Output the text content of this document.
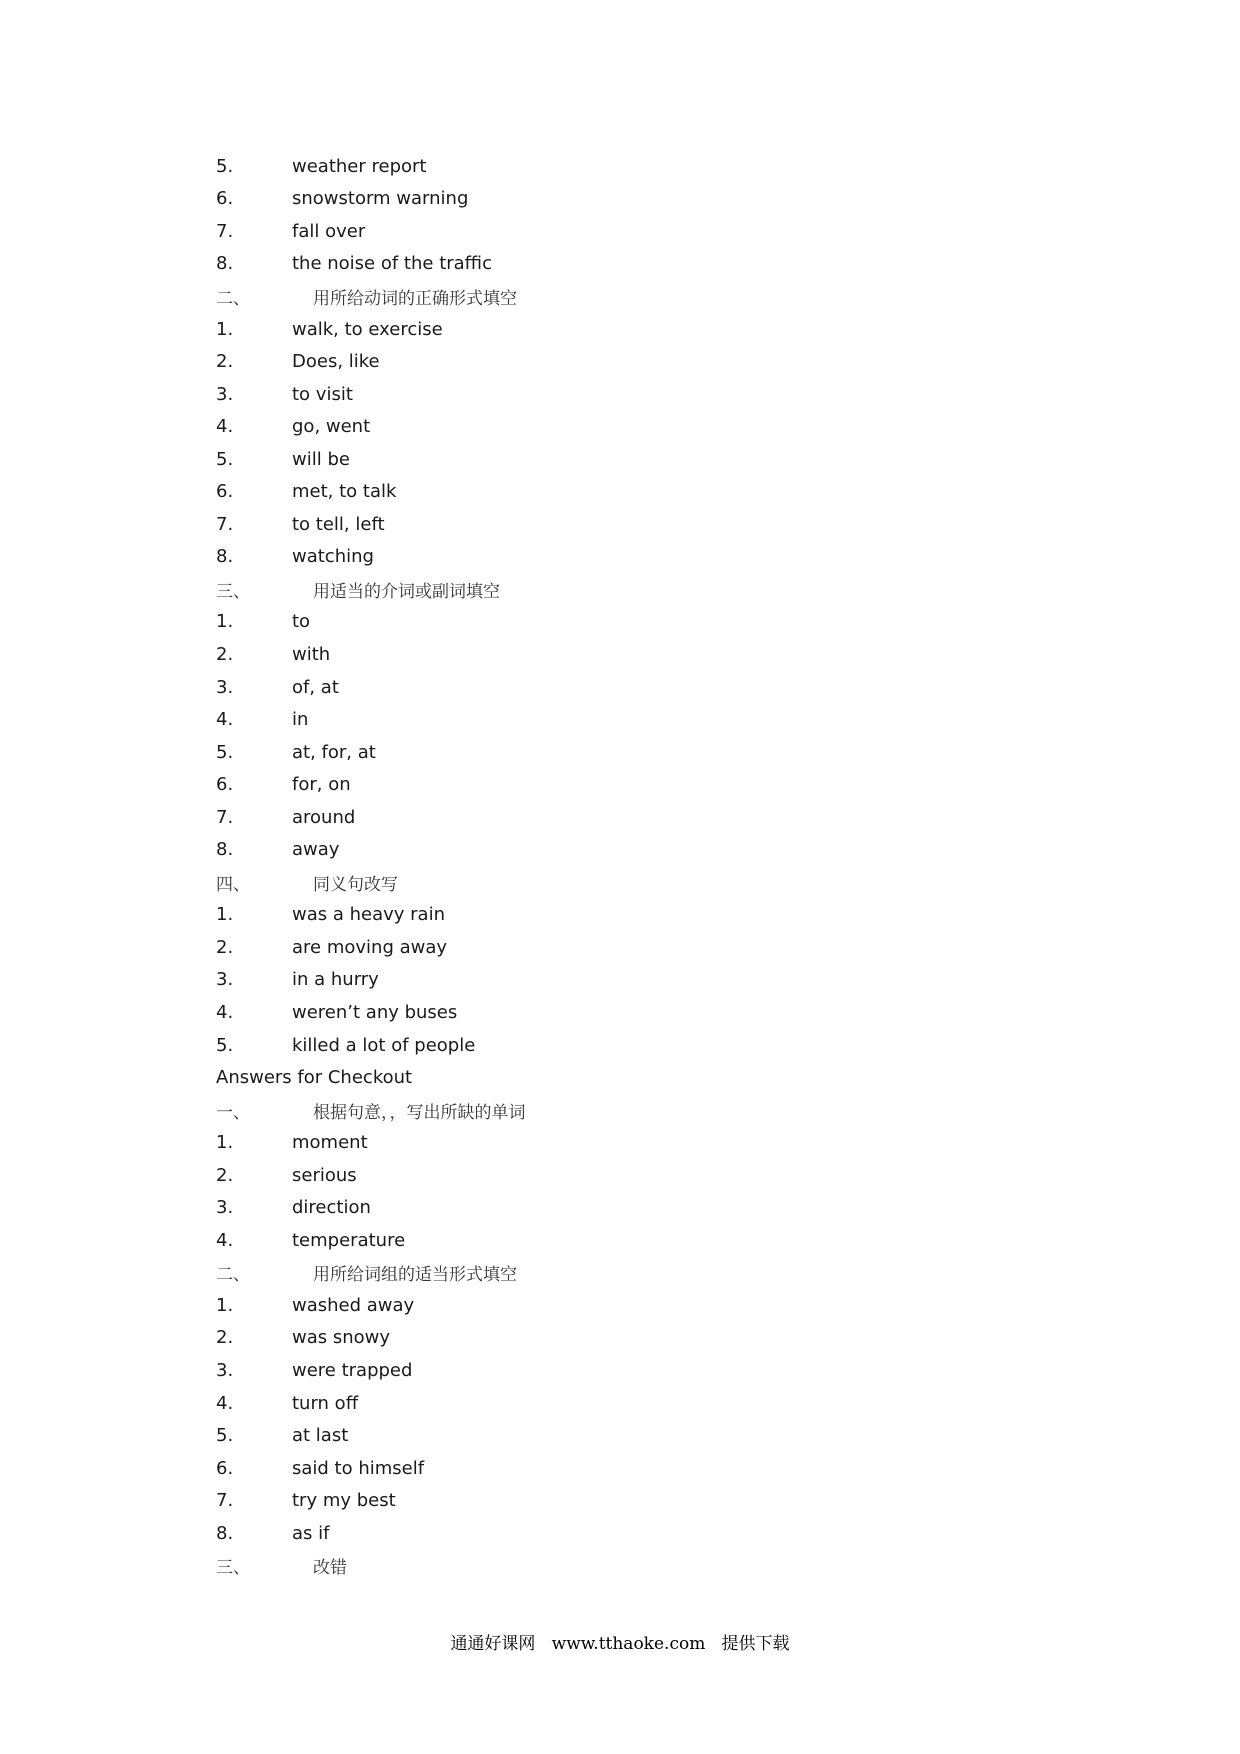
5.	weather report
6.	snowstorm warning
7.	fall over
8.	the noise of the traffic
二、	用所给动词的正确形式填空
1.	walk, to exercise
2.	Does, like
3.	to visit
4.	go, went
5.	will be
6.	met, to talk
7.	to tell, left
8.	watching
三、	用适当的介词或副词填空
1.	to
2.	with
3.	of, at
4.	in
5.	at, for, at
6.	for, on
7.	around
8.	away
四、	同义句改写
1.	was a heavy rain
2.	are moving away
3.	in a hurry
4.	weren’t any buses
5.	killed a lot of people
Answers for Checkout
一、	根据句意，，写出所缺的单词
1.	moment
2.	serious
3.	direction
4.	temperature
二、	用所给词组的适当形式填空
1.	washed away
2.	was snowy
3.	were trapped
4.	turn off
5.	at last
6.	said to himself
7.	try my best
8.	as if
三、	改错
通通好课网 www.tthaoke.com 提供下载
